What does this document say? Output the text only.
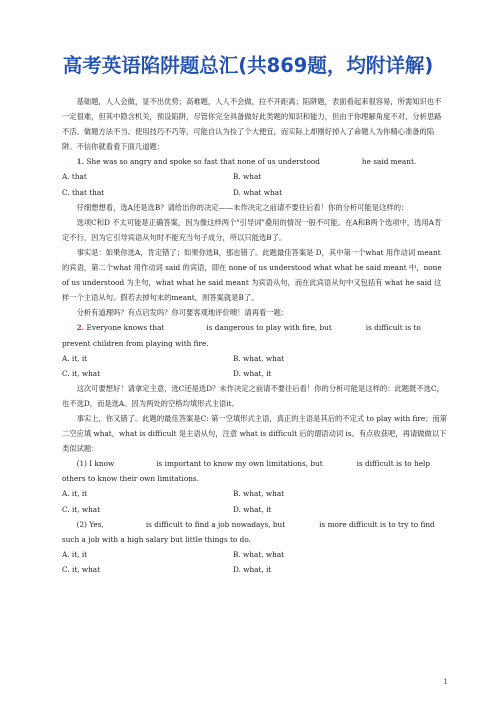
高考英语陷阱题总汇(共869题，均附详解)

基础题，人人会做，显不出优势；高难题，人人不会做，拉不开距离；陷阱题，表面看起来很容易，所需知识也不一定很难，但其中隐含机关，预设陷阱，尽管你完全具备做好此类题的知识和能力，但由于你理解角度不对、分析思路不活、做题方法不当、使用技巧不巧等，可能自认为捡了个大便宜，而实际上却刚好掉入了命题人为你精心准备的陷阱。不信你就看看下面几道题：

1. She was so angry and spoke so fast that none of us understood	he said meant.

A. that	B. what
C. that that	D. what what

仔细想想看，选A还是选B？请给出你的决定——未作决定之前请不要往后看！你的分析可能是这样的：

选项C和D 不太可能是正确答案，因为像这样两个"引导词"叠用的情况一般不可能。在A和B两个选项中，选用A肯定不行，因为它引导宾语从句时不能充当句子成分，所以只能选B了。

事实是：如果你选A，肯定错了；如果你选B，那也错了。此题最佳答案是 D，其中第一个what 用作动词 meant 的宾语，第二个what 用作动词 said 的宾语，即在 none of us understood what what he said meant 中，none of us understood 为主句，what what he said meant 为宾语从句，而在此宾语从句中又包括有 what he said 这样一个主语从句。假若去掉句末的meant，则答案就是B了。

分析有道理吗？有点启发吗？你可要客观地评价噢！请再看一题：

2. Everyone knows that	is dangerous to play with fire, but	is difficult is to prevent children from playing with fire.

A. it, it	B. what, what
C. it, what	D. what, it

这次可要想好！请拿定主意，选C还是选D？未作决定之前请不要往后看！你的分析可能是这样的：此题既不选C，也不选D，而是选A。因为两处的空格均填形式主语it。

事实上，你又错了。此题的最佳答案是C: 第一空填形式主语，真正的主语是其后的不定式 to play with fire；而第二空应填 what，what is difficult 是主语从句，注意 what is difficult 后的谓语动词 is。有点收获吧，再请做做以下类似试题：

(1) I know	is important to know my own limitations, but	is difficult is to help others to know their own limitations.

A. it, it	B. what, what
C. it, what	D. what, it

(2) Yes,	is difficult to find a job nowadays, but	is more difficult is to try to find such a job with a high salary but little things to do.

A. it, it	B. what, what
C. it, what	D. what, it
1
